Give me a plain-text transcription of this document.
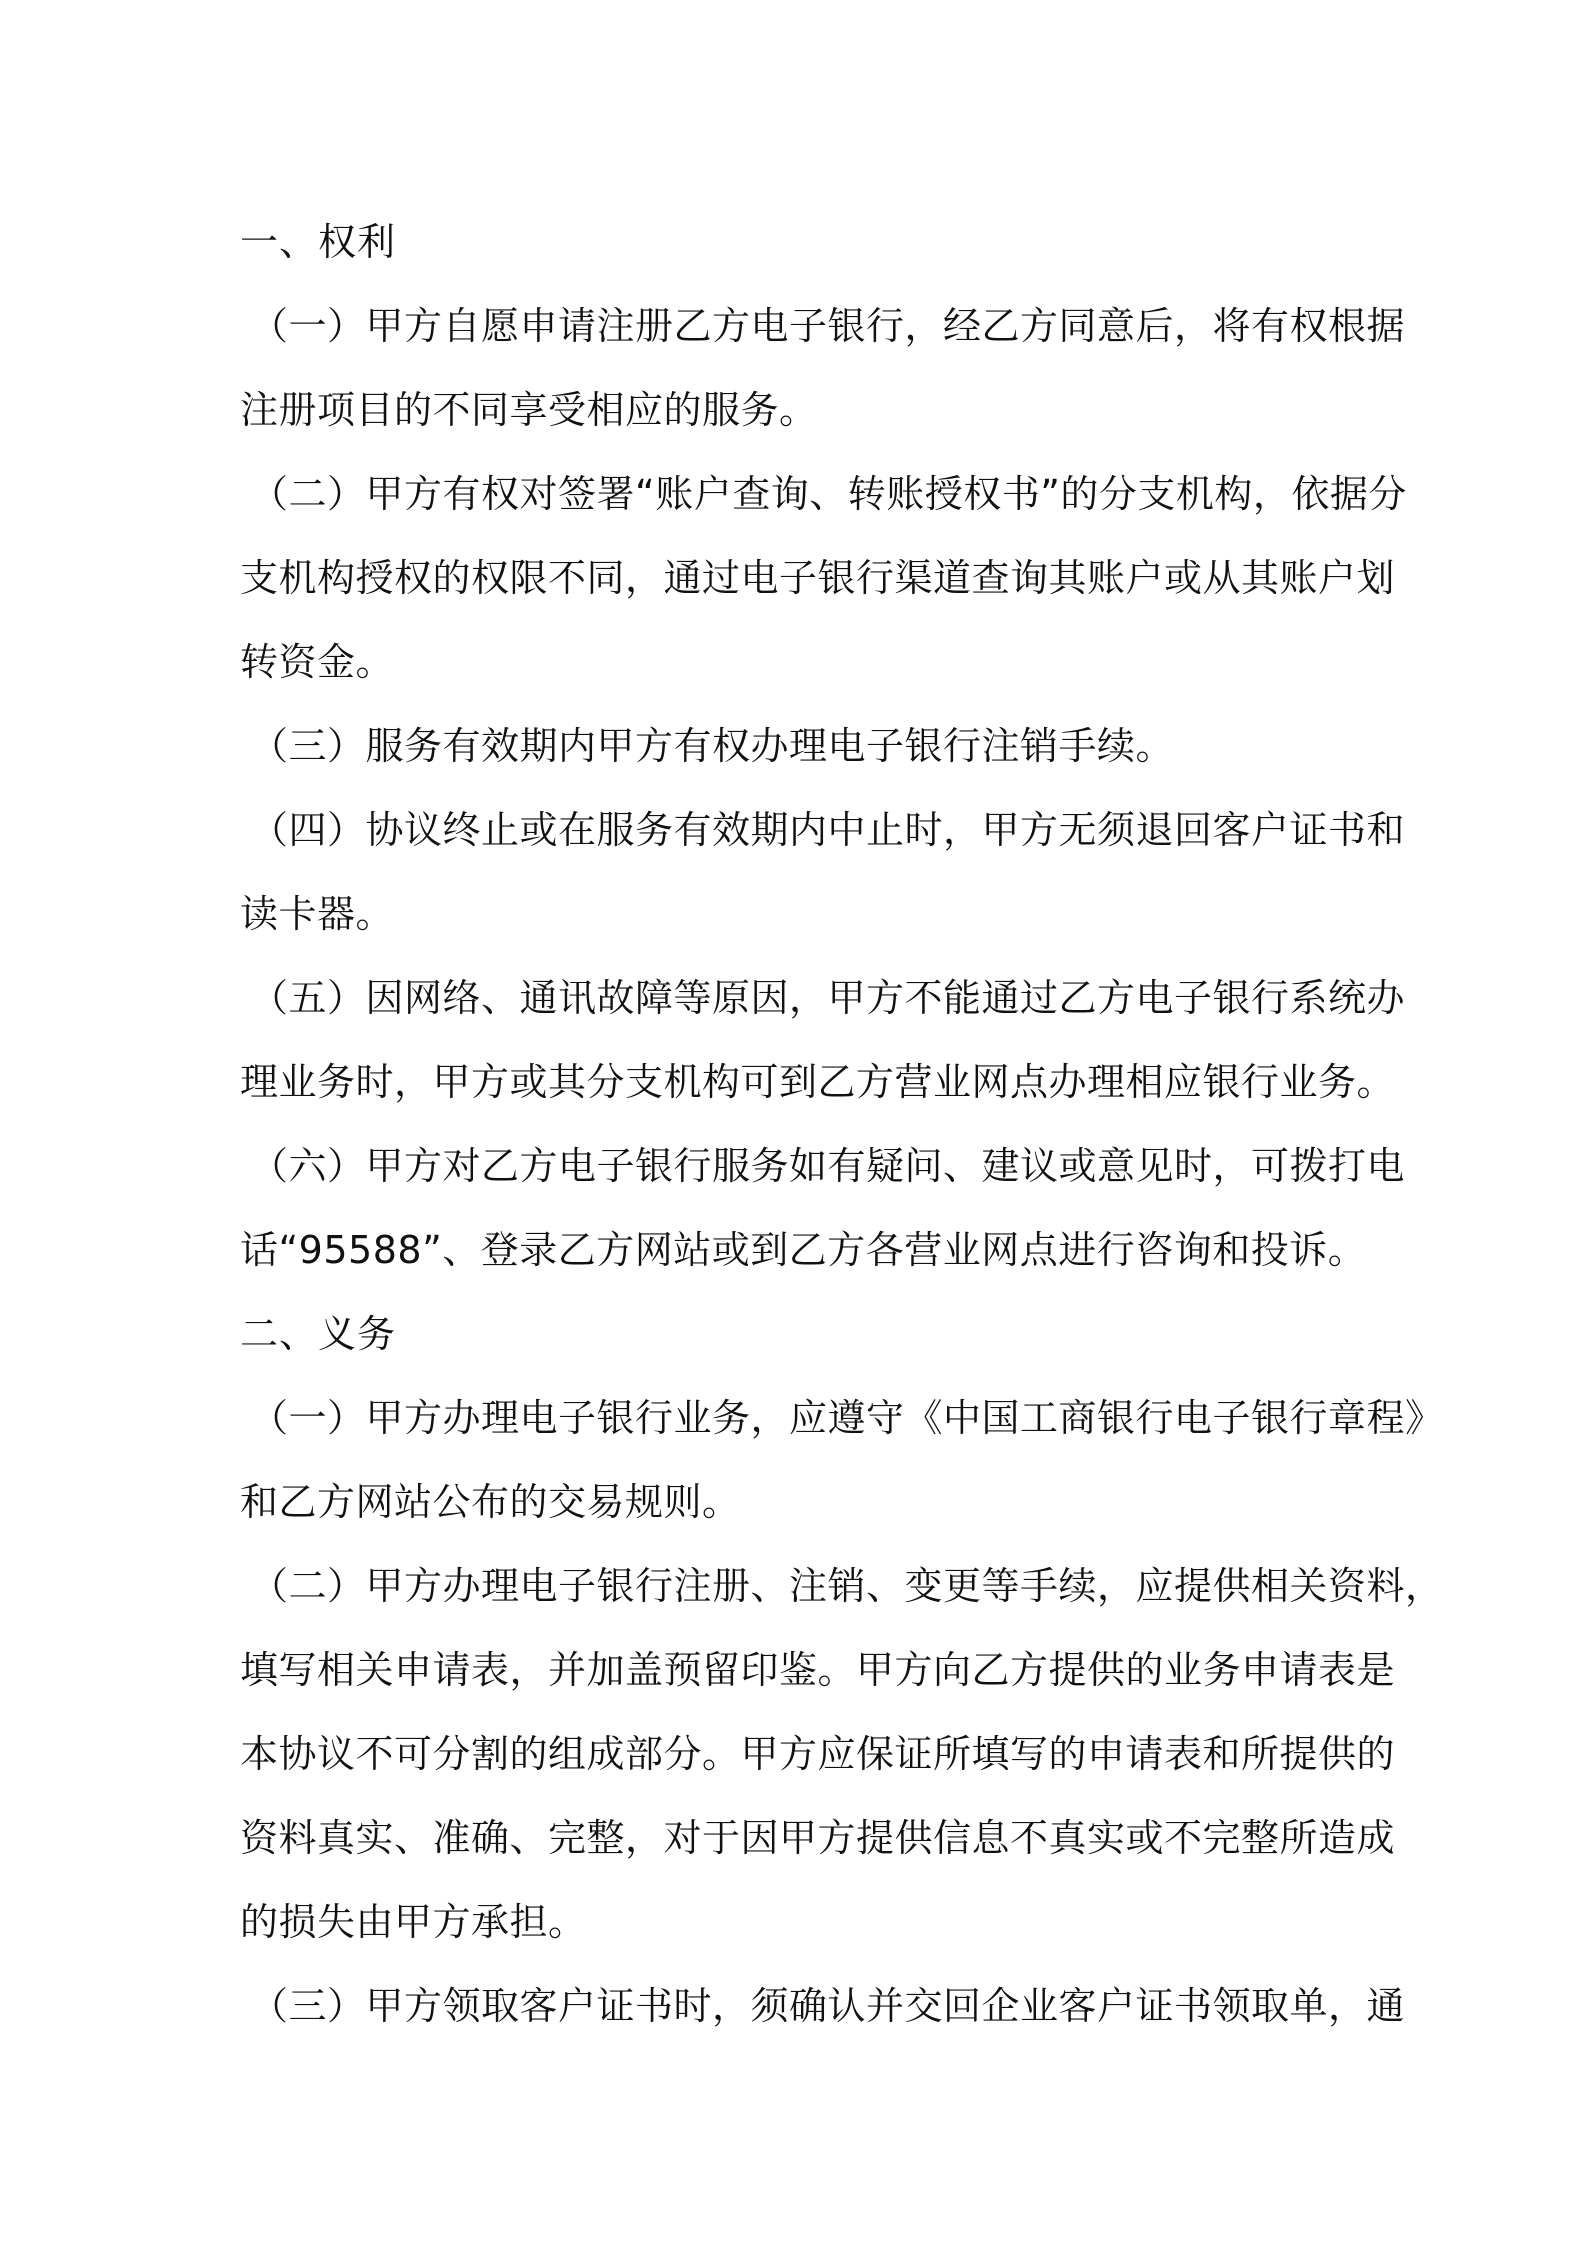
一、权利
（一）甲方自愿申请注册乙方电子银行，经乙方同意后，将有权根据
注册项目的不同享受相应的服务。
（二）甲方有权对签署“账户查询、转账授权书”的分支机构，依据分
支机构授权的权限不同，通过电子银行渠道查询其账户或从其账户划
转资金。
（三）服务有效期内甲方有权办理电子银行注销手续。
（四）协议终止或在服务有效期内中止时，甲方无须退回客户证书和
读卡器。
（五）因网络、通讯故障等原因，甲方不能通过乙方电子银行系统办
理业务时，甲方或其分支机构可到乙方营业网点办理相应银行业务。
（六）甲方对乙方电子银行服务如有疑问、建议或意见时，可拨打电
话“95588”、登录乙方网站或到乙方各营业网点进行咨询和投诉。
二、义务
（一）甲方办理电子银行业务，应遵守《中国工商银行电子银行章程》
和乙方网站公布的交易规则。
（二）甲方办理电子银行注册、注销、变更等手续，应提供相关资料，
填写相关申请表，并加盖预留印鉴。甲方向乙方提供的业务申请表是
本协议不可分割的组成部分。甲方应保证所填写的申请表和所提供的
资料真实、准确、完整，对于因甲方提供信息不真实或不完整所造成
的损失由甲方承担。
（三）甲方领取客户证书时，须确认并交回企业客户证书领取单，通
